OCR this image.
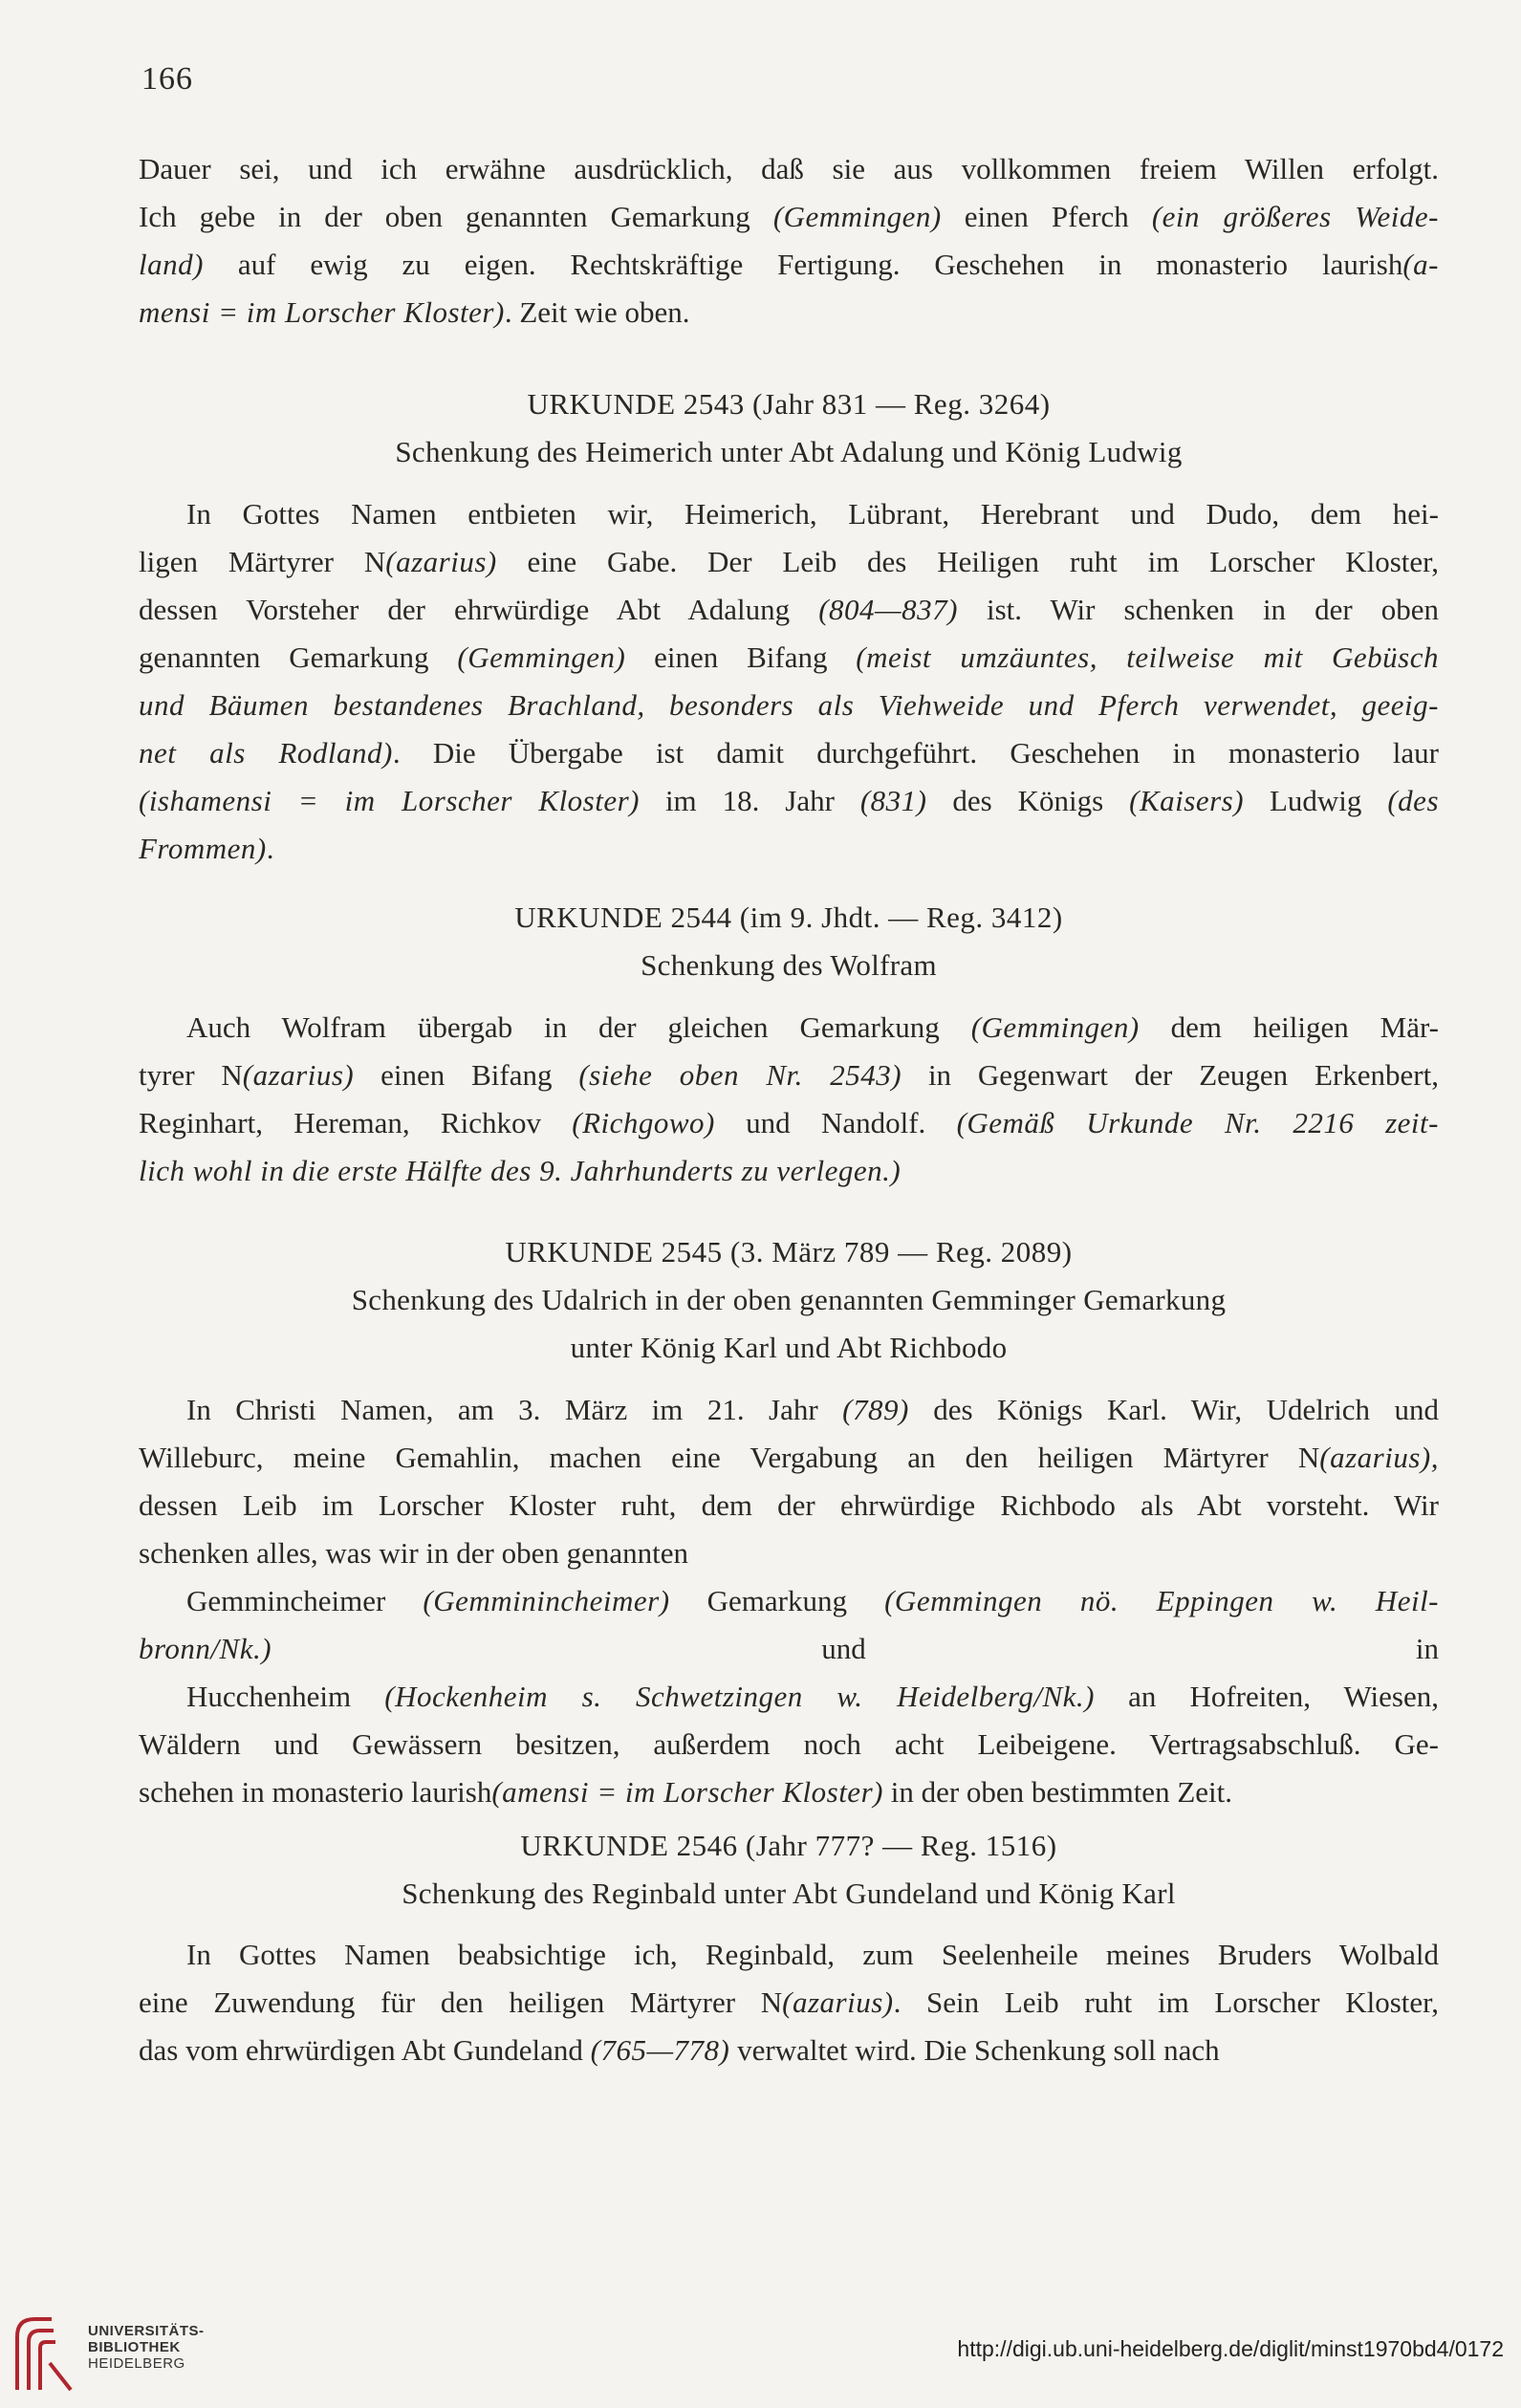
166
Dauer sei, und ich erwähne ausdrücklich, daß sie aus vollkommen freiem Willen erfolgt.
Ich gebe in der oben genannten Gemarkung (Gemmingen) einen Pferch (ein größeres Weide-
land) auf ewig zu eigen. Rechtskräftige Fertigung. Geschehen in monasterio laurish(a-
mensi = im Lorscher Kloster). Zeit wie oben.
URKUNDE 2543 (Jahr 831 — Reg. 3264)
Schenkung des Heimerich unter Abt Adalung und König Ludwig
In Gottes Namen entbieten wir, Heimerich, Lübrant, Herebrant und Dudo, dem hei-
ligen Märtyrer N(azarius) eine Gabe. Der Leib des Heiligen ruht im Lorscher Kloster,
dessen Vorsteher der ehrwürdige Abt Adalung (804—837) ist. Wir schenken in der oben
genannten Gemarkung (Gemmingen) einen Bifang (meist umzäuntes, teilweise mit Gebüsch
und Bäumen bestandenes Brachland, besonders als Viehweide und Pferch verwendet, geeig-
net als Rodland). Die Übergabe ist damit durchgeführt. Geschehen in monasterio laur
(ishamensi = im Lorscher Kloster) im 18. Jahr (831) des Königs (Kaisers) Ludwig (des
Frommen).
URKUNDE 2544 (im 9. Jhdt. — Reg. 3412)
Schenkung des Wolfram
Auch Wolfram übergab in der gleichen Gemarkung (Gemmingen) dem heiligen Mär-
tyrer N(azarius) einen Bifang (siehe oben Nr. 2543) in Gegenwart der Zeugen Erkenbert,
Reginhart, Hereman, Richkov (Richgowo) und Nandolf. (Gemäß Urkunde Nr. 2216 zeit-
lich wohl in die erste Hälfte des 9. Jahrhunderts zu verlegen.)
URKUNDE 2545 (3. März 789 — Reg. 2089)
Schenkung des Udalrich in der oben genannten Gemminger Gemarkung
unter König Karl und Abt Richbodo
In Christi Namen, am 3. März im 21. Jahr (789) des Königs Karl. Wir, Udelrich und
Willeburc, meine Gemahlin, machen eine Vergabung an den heiligen Märtyrer N(azarius),
dessen Leib im Lorscher Kloster ruht, dem der ehrwürdige Richbodo als Abt vorsteht. Wir
schenken alles, was wir in der oben genannten
Gemmincheimer (Gemminincheimer) Gemarkung (Gemmingen nö. Eppingen w. Heil-
bronn/Nk.) und in
Hucchenheim (Hockenheim s. Schwetzingen w. Heidelberg/Nk.) an Hofreiten, Wiesen,
Wäldern und Gewässern besitzen, außerdem noch acht Leibeigene. Vertragsabschluß. Ge-
schehen in monasterio laurish(amensi = im Lorscher Kloster) in der oben bestimmten Zeit.
URKUNDE 2546 (Jahr 777? — Reg. 1516)
Schenkung des Reginbald unter Abt Gundeland und König Karl
In Gottes Namen beabsichtige ich, Reginbald, zum Seelenheile meines Bruders Wolbald
eine Zuwendung für den heiligen Märtyrer N(azarius). Sein Leib ruht im Lorscher Kloster,
das vom ehrwürdigen Abt Gundeland (765—778) verwaltet wird. Die Schenkung soll nach
UNIVERSITÄTS-
BIBLIOTHEK
HEIDELBERG
http://digi.ub.uni-heidelberg.de/diglit/minst1970bd4/0172
